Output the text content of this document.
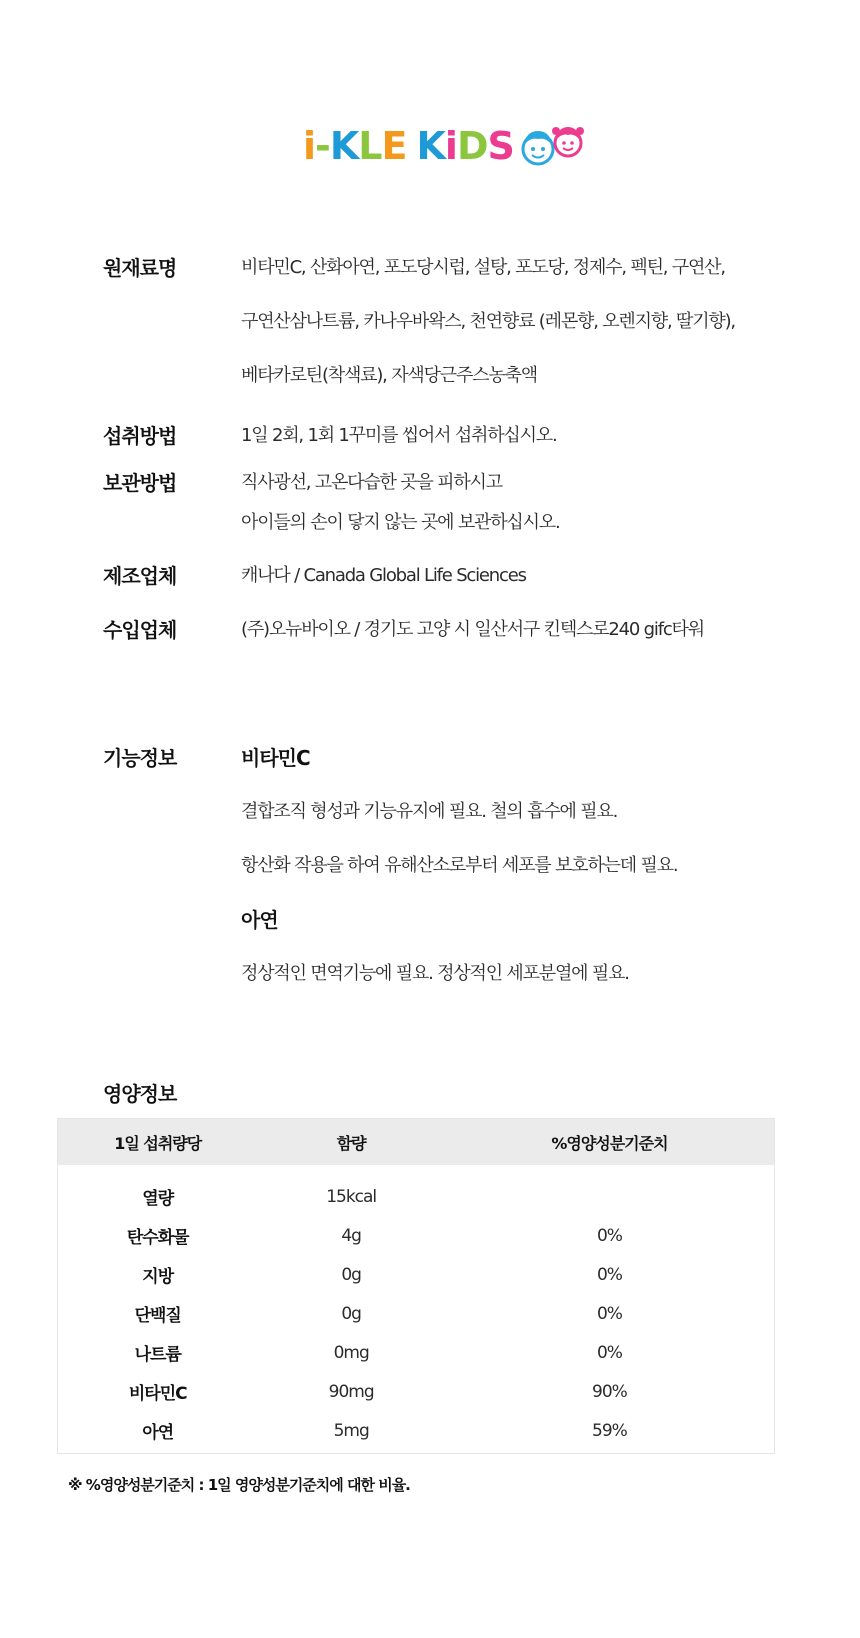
i - K L E K i D S
원재료명	비타민C, 산화아연, 포도당시럽, 설탕, 포도당, 정제수, 펙틴, 구연산,
구연산삼나트륨, 카나우바왁스, 천연향료 (레몬향, 오렌지향, 딸기향),
베타카로틴(착색료), 자색당근주스농축액
섭취방법	1일 2회, 1회 1꾸미를 씹어서 섭취하십시오.
보관방법	직사광선, 고온다습한 곳을 피하시고
아이들의 손이 닿지 않는 곳에 보관하십시오.
제조업체	캐나다 / Canada Global Life Sciences
수입업체	(주)오뉴바이오 / 경기도 고양 시 일산서구 킨텍스로240 gifc타워
기능정보	비타민C
결합조직 형성과 기능유지에 필요. 철의 흡수에 필요.
항산화 작용을 하여 유해산소로부터 세포를 보호하는데 필요.
아연
정상적인 면역기능에 필요. 정상적인 세포분열에 필요.
영양정보
1일 섭취량당	함량	%영양성분기준치
열량	15kcal
탄수화물	4g	0%
지방	0g	0%
단백질	0g	0%
나트륨	0mg	0%
비타민C	90mg	90%
아연	5mg	59%
※ %영양성분기준치 : 1일 영양성분기준치에 대한 비율.
